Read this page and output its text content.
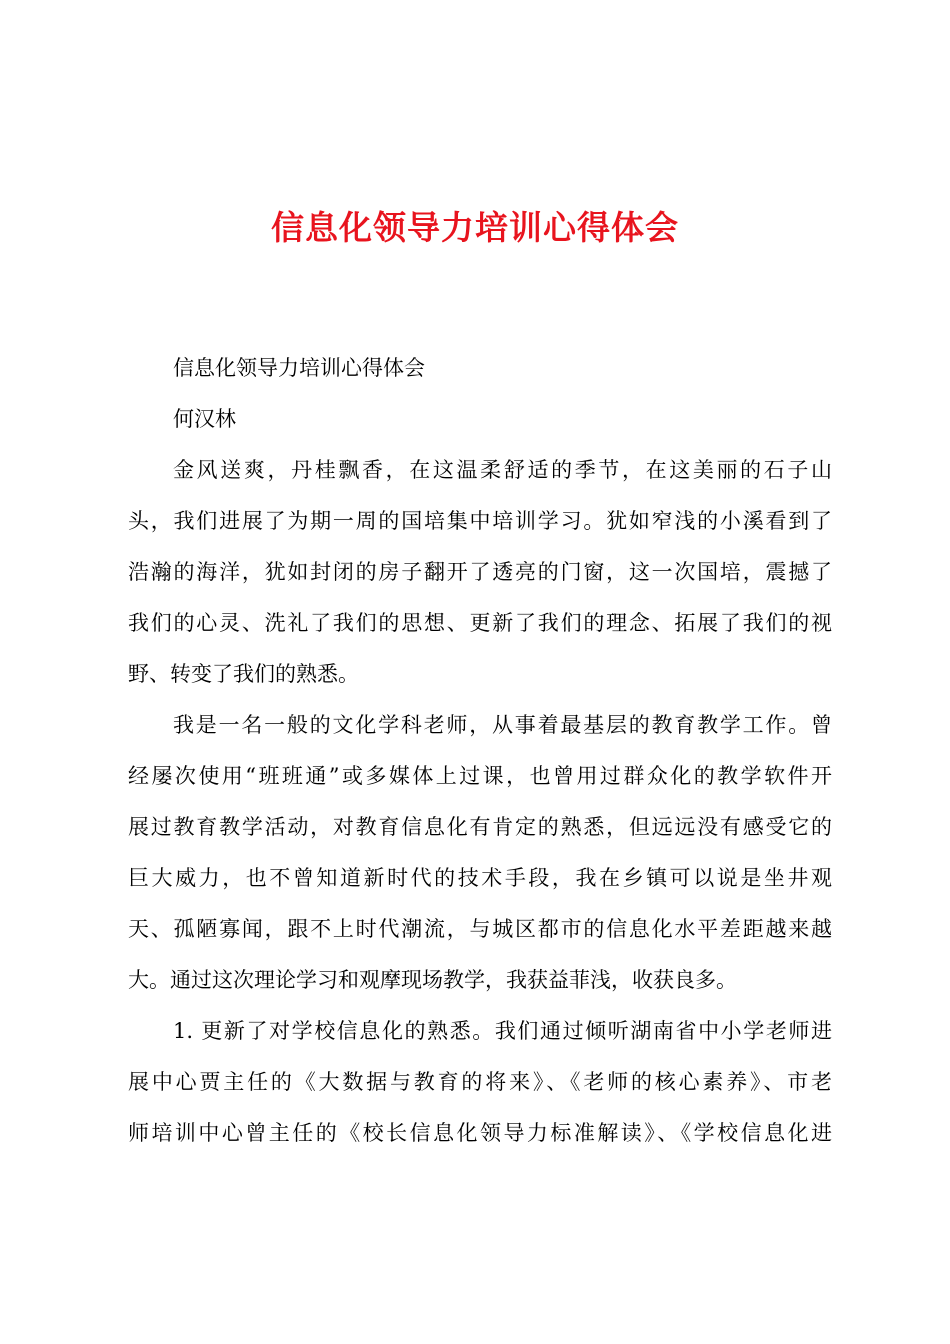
信息化领导力培训心得体会
信息化领导力培训心得体会
何汉林
金风送爽，丹桂飘香，在这温柔舒适的季节，在这美丽的石子山
头，我们进展了为期一周的国培集中培训学习。犹如窄浅的小溪看到了
浩瀚的海洋，犹如封闭的房子翻开了透亮的门窗，这一次国培，震撼了
我们的心灵、洗礼了我们的思想、更新了我们的理念、拓展了我们的视
野、转变了我们的熟悉。
我是一名一般的文化学科老师，从事着最基层的教育教学工作。曾
经屡次使用“班班通”或多媒体上过课，也曾用过群众化的教学软件开
展过教育教学活动，对教育信息化有肯定的熟悉，但远远没有感受它的
巨大威力，也不曾知道新时代的技术手段，我在乡镇可以说是坐井观
天、孤陋寡闻，跟不上时代潮流，与城区都市的信息化水平差距越来越
大。通过这次理论学习和观摩现场教学，我获益菲浅，收获良多。
1. 更新了对学校信息化的熟悉。我们通过倾听湖南省中小学老师进
展中心贾主任的《大数据与教育的将来》、《老师的核心素养》、市老
师培训中心曾主任的《校长信息化领导力标准解读》、《学校信息化进
